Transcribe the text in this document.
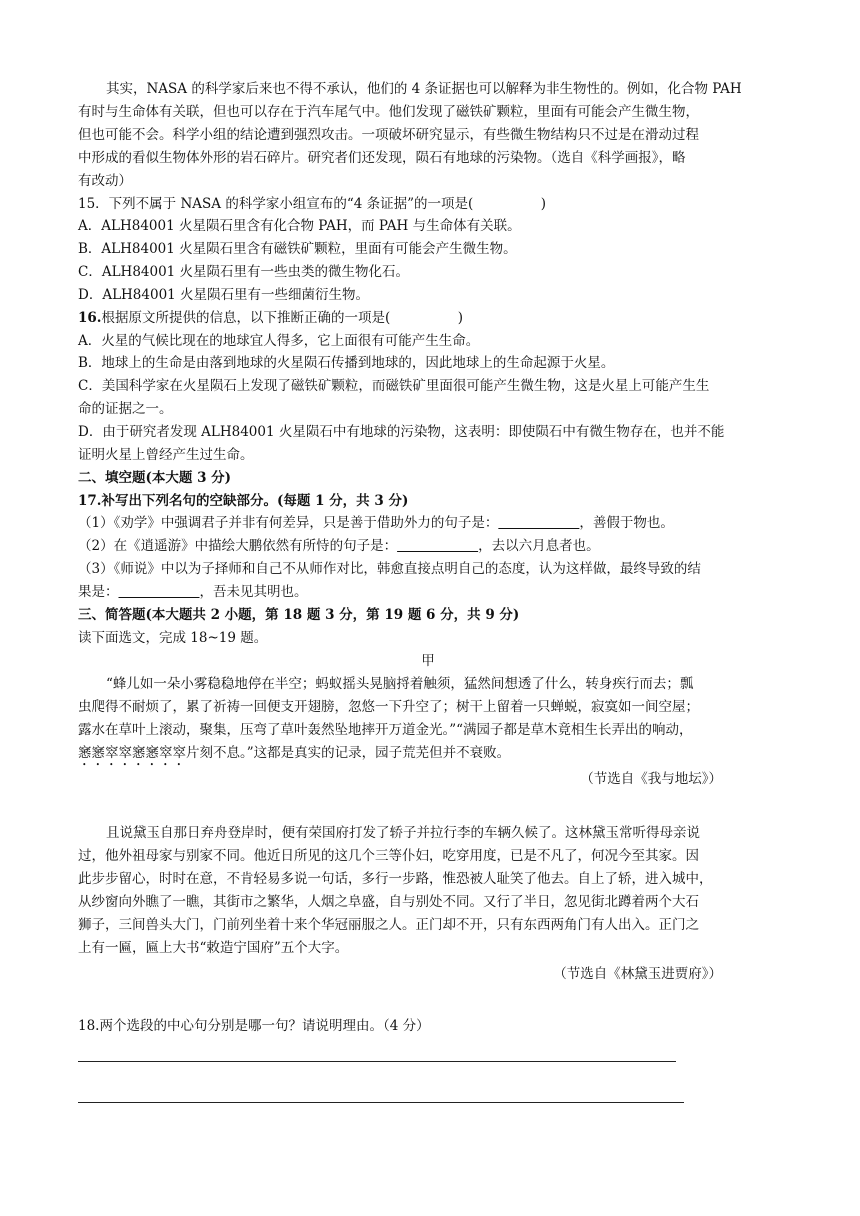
其实，NASA 的科学家后来也不得不承认，他们的 4 条证据也可以解释为非生物性的。例如，化合物 PAH
有时与生命体有关联，但也可以存在于汽车尾气中。他们发现了磁铁矿颗粒，里面有可能会产生微生物，
但也可能不会。科学小组的结论遭到强烈攻击。一项破坏研究显示，有些微生物结构只不过是在滑动过程
中形成的看似生物体外形的岩石碎片。研究者们还发现，陨石有地球的污染物。（选自《科学画报》，略
有改动）
15．下列不属于 NASA 的科学家小组宣布的“4 条证据”的一项是(　　　　　)
A．ALH84001 火星陨石里含有化合物 PAH，而 PAH 与生命体有关联。
B．ALH84001 火星陨石里含有磁铁矿颗粒，里面有可能会产生微生物。
C．ALH84001 火星陨石里有一些虫类的微生物化石。
D．ALH84001 火星陨石里有一些细菌衍生物。
16.根据原文所提供的信息，以下推断正确的一项是(　　　　　)
A．火星的气候比现在的地球宜人得多，它上面很有可能产生生命。
B．地球上的生命是由落到地球的火星陨石传播到地球的，因此地球上的生命起源于火星。
C．美国科学家在火星陨石上发现了磁铁矿颗粒，而磁铁矿里面很可能产生微生物，这是火星上可能产生生
命的证据之一。
D．由于研究者发现 ALH84001 火星陨石中有地球的污染物，这表明：即使陨石中有微生物存在，也并不能
证明火星上曾经产生过生命。
二、填空题(本大题 3 分)
17.补写出下列名句的空缺部分。(每题 1 分，共 3 分)
（1）《劝学》中强调君子并非有何差异，只是善于借助外力的句子是：　　　　　　	，善假于物也。
（2）在《逍遥游》中描绘大鹏依然有所恃的句子是：　　　　　　	，去以六月息者也。
（3）《师说》中以为子择师和自己不从师作对比，韩愈直接点明自己的态度，认为这样做，最终导致的结
果是：　　　　　　	，吾未见其明也。
三、简答题(本大题共 2 小题，第 18 题 3 分，第 19 题 6 分，共 9 分)
读下面选文，完成 18~19 题。
甲
“蜂儿如一朵小雾稳稳地停在半空；蚂蚁摇头晃脑捋着触须，猛然间想透了什么，转身疾行而去；瓢
虫爬得不耐烦了，累了祈祷一回便支开翅膀，忽悠一下升空了；树干上留着一只蝉蜕，寂寞如一间空屋；
露水在草叶上滚动，聚集，压弯了草叶轰然坠地摔开万道金光。”“满园子都是草木竟相生长弄出的响动，
窸窸窣窣窸窸窣窣片刻不息。”这都是真实的记录，园子荒芜但并不衰败。
（节选自《我与地坛》）
且说黛玉自那日弃舟登岸时，便有荣国府打发了轿子并拉行李的车辆久候了。这林黛玉常听得母亲说
过，他外祖母家与别家不同。他近日所见的这几个三等仆妇，吃穿用度，已是不凡了，何况今至其家。因
此步步留心，时时在意，不肯轻易多说一句话，多行一步路，惟恐被人耻笑了他去。自上了轿，进入城中，
从纱窗向外瞧了一瞧，其街市之繁华，人烟之阜盛，自与别处不同。又行了半日，忽见街北蹲着两个大石
狮子，三间兽头大门，门前列坐着十来个华冠丽服之人。正门却不开，只有东西两角门有人出入。正门之
上有一匾，匾上大书“敕造宁国府”五个大字。
（节选自《林黛玉进贾府》）
18.两个选段的中心句分别是哪一句？请说明理由。（4 分）
